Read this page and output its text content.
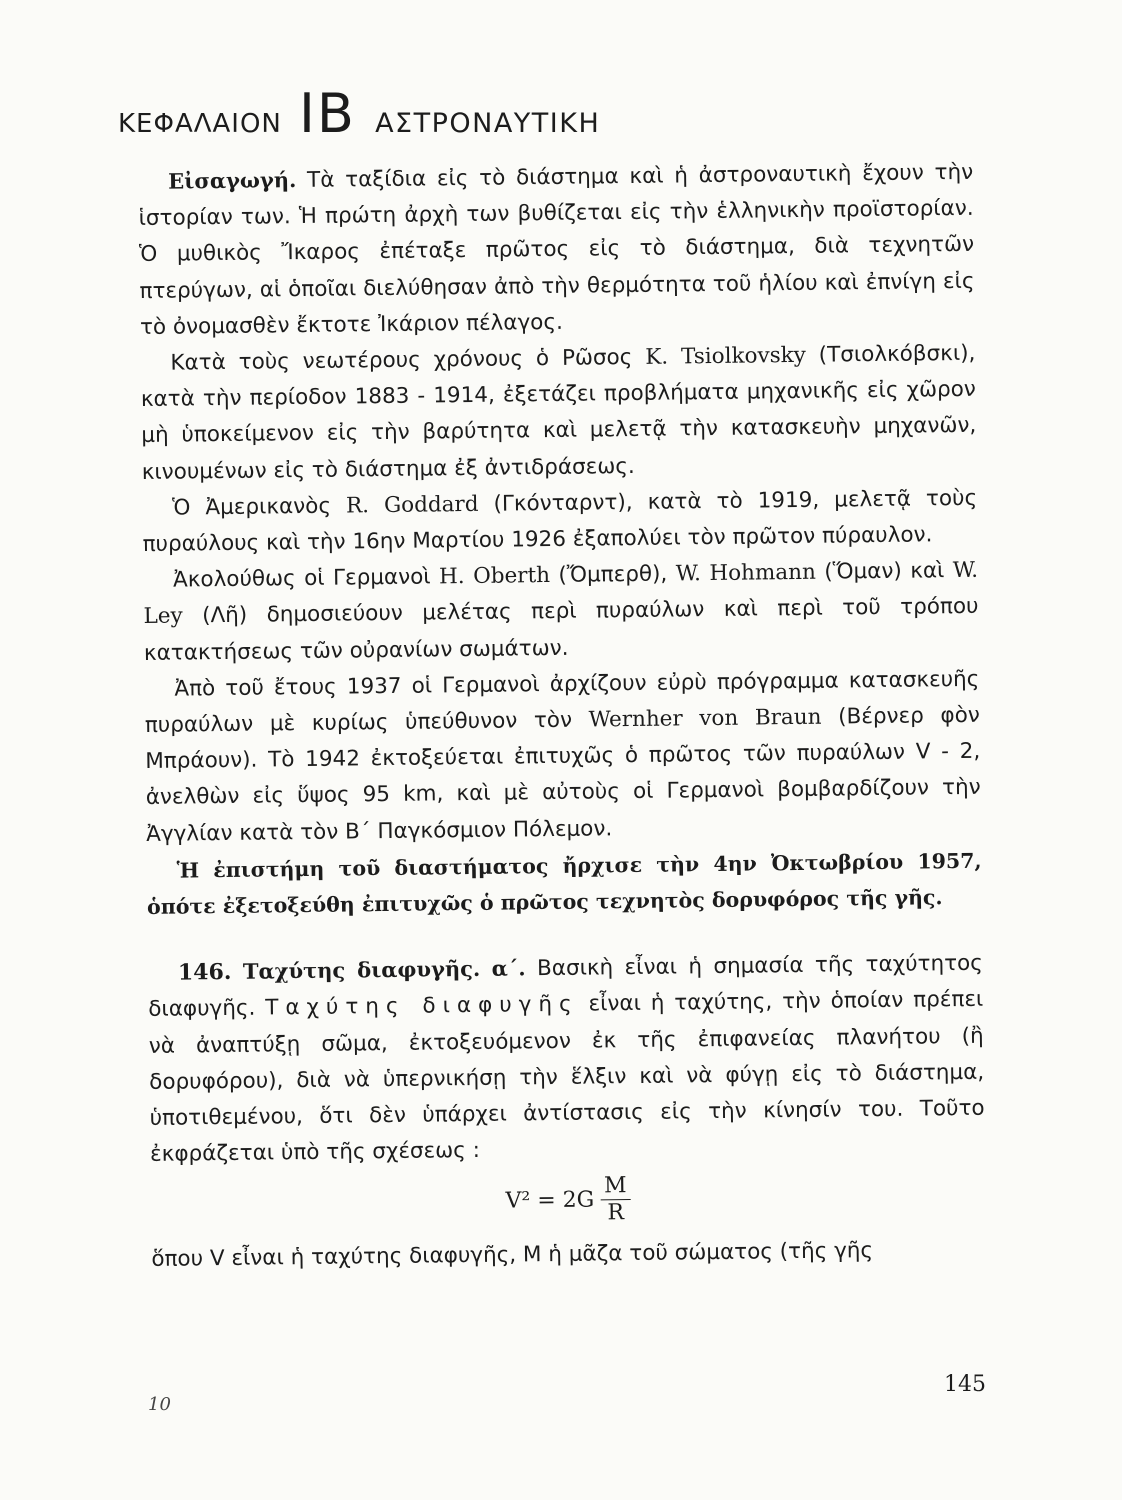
ΚΕΦΑΛΑΙΟΝ ΙΒ ΑΣΤΡΟΝΑΥΤΙΚΗ

Εἰσαγωγή. Τὰ ταξίδια εἰς τὸ διάστημα καὶ ἡ ἀστροναυτικὴ ἔχουν τὴν ἱστορίαν των. Ἡ πρώτη ἀρχὴ των βυθίζεται εἰς τὴν ἑλληνικὴν προϊστορίαν. Ὁ μυθικὸς Ἴκαρος ἐπέταξε πρῶτος εἰς τὸ διάστημα, διὰ τεχνητῶν πτερύγων, αἱ ὁποῖαι διελύθησαν ἀπὸ τὴν θερμότητα τοῦ ἡλίου καὶ ἐπνίγη εἰς τὸ ὀνομασθὲν ἔκτοτε Ἰκάριον πέλαγος.

Κατὰ τοὺς νεωτέρους χρόνους ὁ Ρῶσος K. Tsiolkovsky (Τσιολκόβσκι), κατὰ τὴν περίοδον 1883 - 1914, ἐξετάζει προβλήματα μηχανικῆς εἰς χῶρον μὴ ὑποκείμενον εἰς τὴν βαρύτητα καὶ μελετᾷ τὴν κατασκευὴν μηχανῶν, κινουμένων εἰς τὸ διάστημα ἐξ ἀντιδράσεως.

Ὁ Ἀμερικανὸς R. Goddard (Γκόνταρντ), κατὰ τὸ 1919, μελετᾷ τοὺς πυραύλους καὶ τὴν 16ην Μαρτίου 1926 ἐξαπολύει τὸν πρῶτον πύραυλον.

Ἀκολούθως οἱ Γερμανοὶ H. Oberth (Ὄμπερθ), W. Hohmann (Ὅμαν) καὶ W. Ley (Λῆ) δημοσιεύουν μελέτας περὶ πυραύλων καὶ περὶ τοῦ τρόπου κατακτήσεως τῶν οὐρανίων σωμάτων.

Ἀπὸ τοῦ ἔτους 1937 οἱ Γερμανοὶ ἀρχίζουν εὐρὺ πρόγραμμα κατασκευῆς πυραύλων μὲ κυρίως ὑπεύθυνον τὸν Wernher von Braun (Βέρνερ φὸν Μπράουν). Τὸ 1942 ἐκτοξεύεται ἐπιτυχῶς ὁ πρῶτος τῶν πυραύλων V - 2, ἀνελθὼν εἰς ὕψος 95 km, καὶ μὲ αὐτοὺς οἱ Γερμανοὶ βομβαρδίζουν τὴν Ἀγγλίαν κατὰ τὸν Β΄ Παγκόσμιον Πόλεμον.

Ἡ ἐπιστήμη τοῦ διαστήματος ἤρχισε τὴν 4ην Ὀκτωβρίου 1957, ὁπότε ἐξετοξεύθη ἐπιτυχῶς ὁ πρῶτος τεχνητὸς δορυφόρος τῆς γῆς.

146. Ταχύτης διαφυγῆς. α΄. Βασικὴ εἶναι ἡ σημασία τῆς ταχύτητος διαφυγῆς. Ταχύτης διαφυγῆς εἶναι ἡ ταχύτης, τὴν ὁποίαν πρέπει νὰ ἀναπτύξῃ σῶμα, ἐκτοξευόμενον ἐκ τῆς ἐπιφανείας πλανήτου (ἢ δορυφόρου), διὰ νὰ ὑπερνικήσῃ τὴν ἕλξιν καὶ νὰ φύγῃ εἰς τὸ διάστημα, ὑποτιθεμένου, ὅτι δὲν ὑπάρχει ἀντίστασις εἰς τὴν κίνησίν του. Τοῦτο ἐκφράζεται ὑπὸ τῆς σχέσεως :

$V^2 = 2G \frac{M}{R}$

ὅπου V εἶναι ἡ ταχύτης διαφυγῆς, Μ ἡ μᾶζα τοῦ σώματος (τῆς γῆς

145
10
